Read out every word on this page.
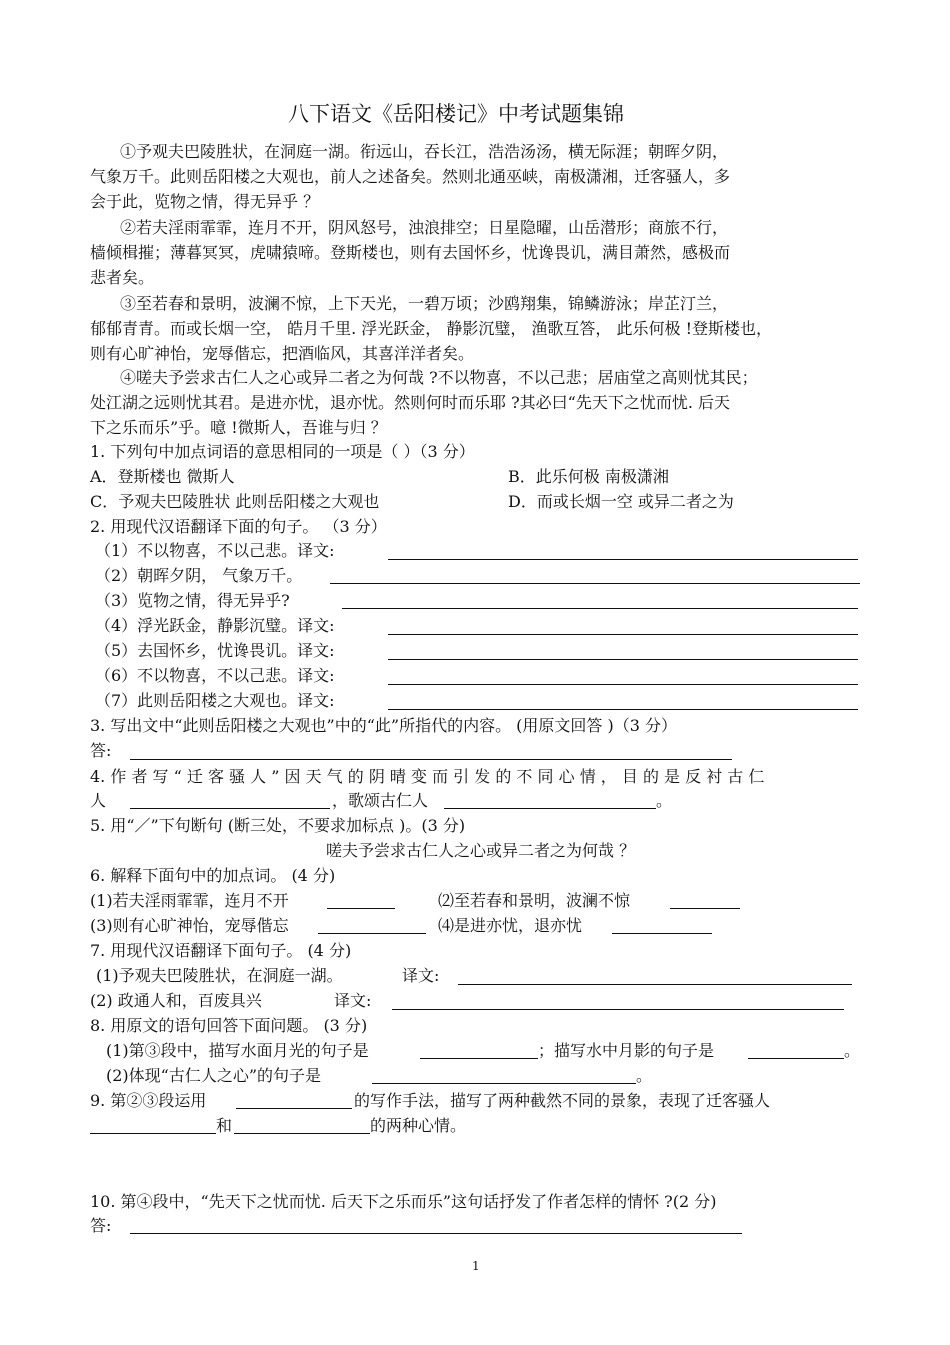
八下语文《岳阳楼记》中考试题集锦
①予观夫巴陵胜状，在洞庭一湖。衔远山，吞长江，浩浩汤汤，横无际涯；朝晖夕阴，
气象万千。此则岳阳楼之大观也，前人之述备矣。然则北通巫峡，南极潇湘，迁客骚人，多
会于此，览物之情，得无异乎 ？
②若夫淫雨霏霏，连月不开，阴风怒号，浊浪排空；日星隐曜，山岳潜形；商旅不行，
樯倾楫摧；薄暮冥冥，虎啸猿啼。登斯楼也，则有去国怀乡，忧谗畏讥，满目萧然，感极而
悲者矣。
③至若春和景明，波澜不惊，上下天光，一碧万顷；沙鸥翔集，锦鳞游泳；岸芷汀兰，
郁郁青青。而或长烟一空， 皓月千里. 浮光跃金， 静影沉璧， 渔歌互答， 此乐何极 !登斯楼也，
则有心旷神怡，宠辱偕忘，把酒临风，其喜洋洋者矣。
④嗟夫予尝求古仁人之心或异二者之为何哉 ?不以物喜，不以己悲；居庙堂之高则忧其民；
处江湖之远则忧其君。是进亦忧，退亦忧。然则何时而乐耶 ?其必曰“先天下之忧而忧. 后天
下之乐而乐”乎。噫 !微斯人，吾谁与归 ？
1. 下列句中加点词语的意思相同的一项是（ ）（3 分）
A．登斯楼也 微斯人	B．此乐何极 南极潇湘
C．予观夫巴陵胜状 此则岳阳楼之大观也	D．而或长烟一空 或异二者之为
2. 用现代汉语翻译下面的句子。 （3 分）
（1）不以物喜，不以己悲。译文:
（2）朝晖夕阴， 气象万千。
（3）览物之情，得无异乎?
（4）浮光跃金，静影沉璧。译文:
（5）去国怀乡，忧谗畏讥。译文:
（6）不以物喜，不以己悲。译文:
（7）此则岳阳楼之大观也。译文:
3. 写出文中“此则岳阳楼之大观也”中的“此”所指代的内容。 (用原文回答 )（3 分）
答:
4. 作 者 写 “ 迁 客 骚 人 ” 因 天 气 的 阴 晴 变 而 引 发 的 不 同 心 情 ， 目 的 是 反 衬 古 仁
人	，歌颂古仁人	。
5. 用“／”下句断句 (断三处，不要求加标点 )。(3 分)
嗟夫予尝求古仁人之心或异二者之为何哉 ？
6. 解释下面句中的加点词。 (4 分)
(1)若夫淫雨霏霏，连月不开	⑵至若春和景明，波澜不惊
(3)则有心旷神怡，宠辱偕忘	⑷是进亦忧，退亦忧
7. 用现代汉语翻译下面句子。 (4 分)
(1)予观夫巴陵胜状，在洞庭一湖。	译文:
(2) 政通人和，百废具兴	译文:
8. 用原文的语句回答下面问题。 (3 分)
(1)第③段中，描写水面月光的句子是	；描写水中月影的句子是	。
(2)体现“古仁人之心”的句子是	。
9. 第②③段运用	的写作手法，描写了两种截然不同的景象，表现了迁客骚人
和	的两种心情。
10. 第④段中，“先天下之忧而忧. 后天下之乐而乐”这句话抒发了作者怎样的情怀 ?(2 分)
答:
1
